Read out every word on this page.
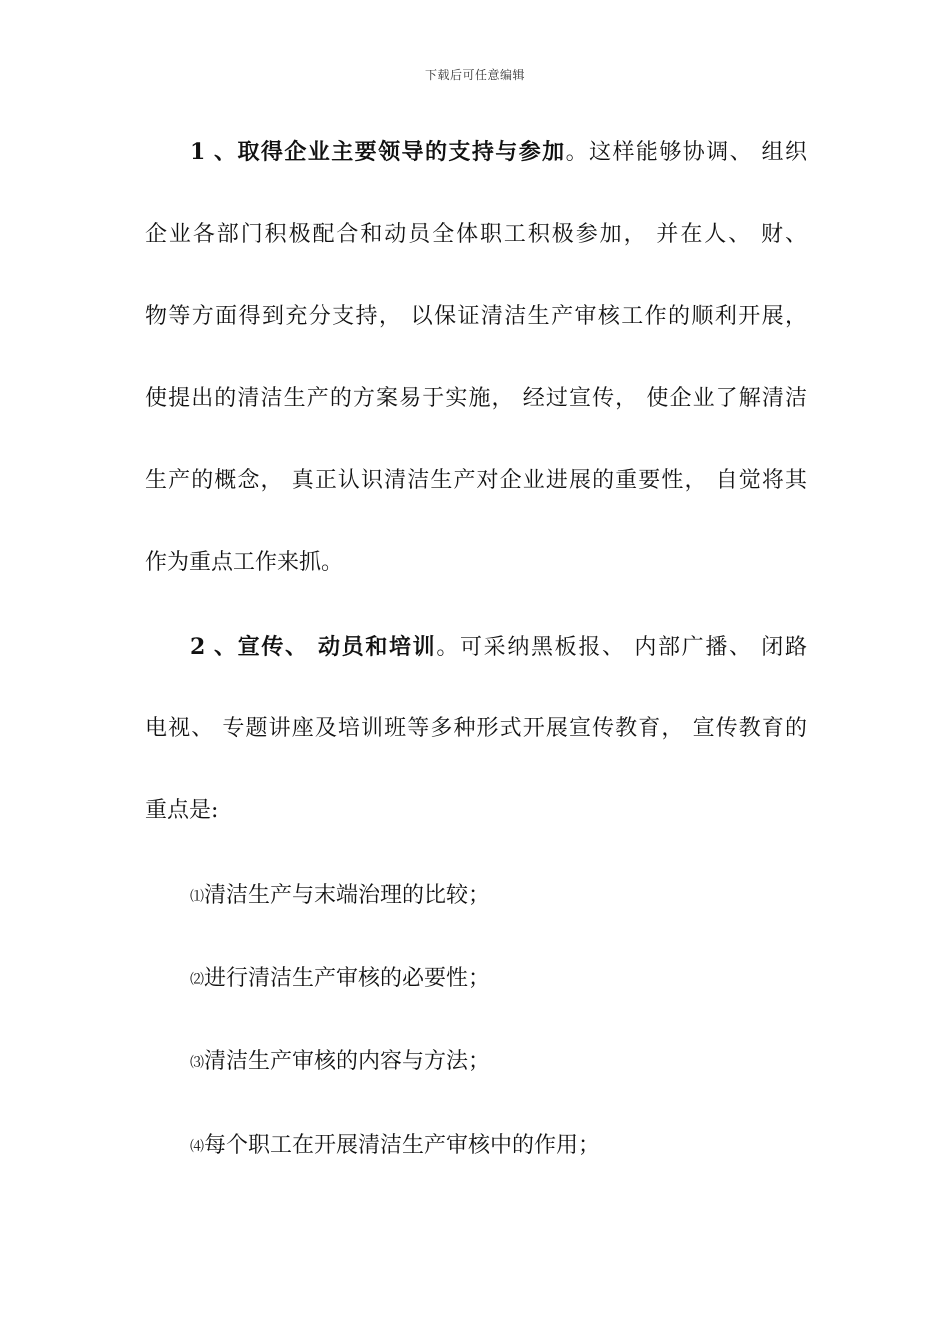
下载后可任意编辑
1、取得企业主要领导的支持与参加。这样能够协调、 组织
企业各部门积极配合和动员全体职工积极参加， 并在人、 财、
物等方面得到充分支持， 以保证清洁生产审核工作的顺利开展，
使提出的清洁生产的方案易于实施， 经过宣传， 使企业了解清洁
生产的概念， 真正认识清洁生产对企业进展的重要性， 自觉将其
作为重点工作来抓。
2、宣传、 动员和培训。可采纳黑板报、 内部广播、 闭路
电视、 专题讲座及培训班等多种形式开展宣传教育， 宣传教育的
重点是:
⑴清洁生产与末端治理的比较；
⑵进行清洁生产审核的必要性；
⑶清洁生产审核的内容与方法；
⑷每个职工在开展清洁生产审核中的作用；
